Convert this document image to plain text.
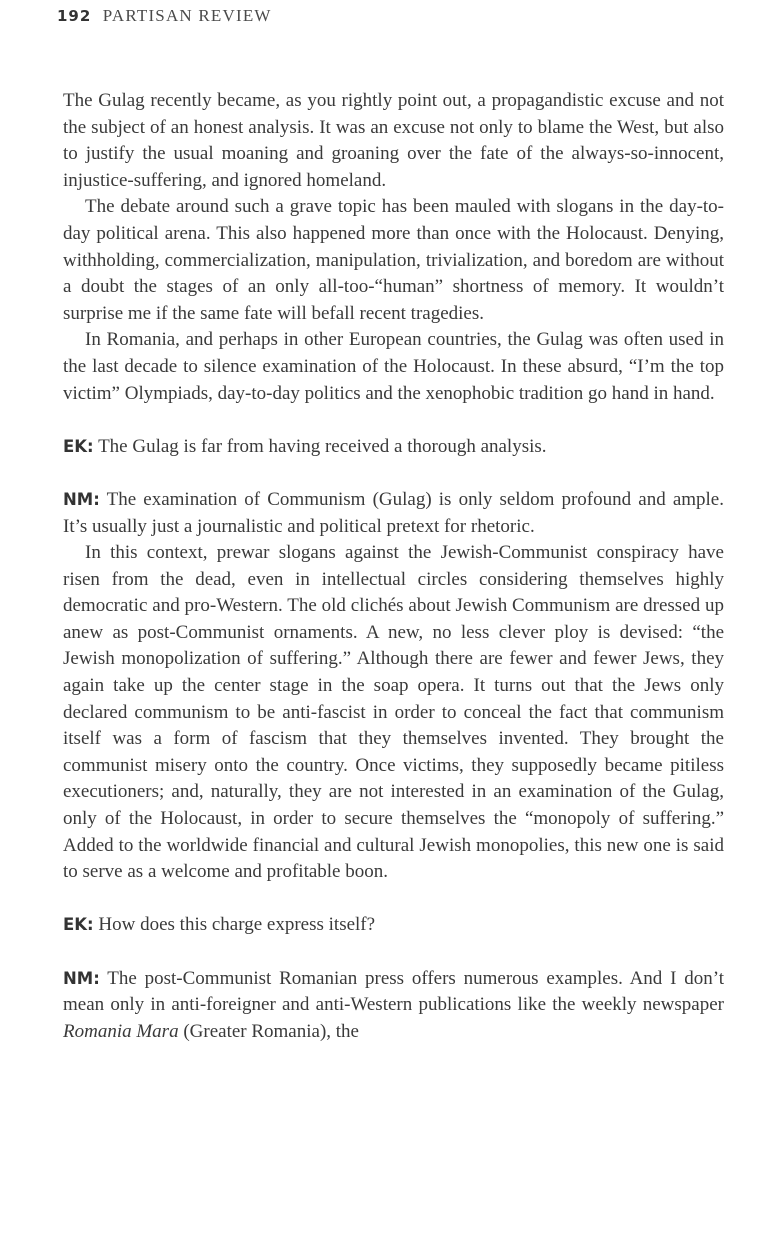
192 PARTISAN REVIEW

The Gulag recently became, as you rightly point out, a propagandistic excuse and not the subject of an honest analysis. It was an excuse not only to blame the West, but also to justify the usual moaning and groaning over the fate of the always-so-innocent, injustice-suffering, and ignored homeland.

The debate around such a grave topic has been mauled with slogans in the day-to-day political arena. This also happened more than once with the Holocaust. Denying, withholding, commercialization, manipulation, trivialization, and boredom are without a doubt the stages of an only all-too-“human” shortness of memory. It wouldn’t surprise me if the same fate will befall recent tragedies.

In Romania, and perhaps in other European countries, the Gulag was often used in the last decade to silence examination of the Holocaust. In these absurd, “I’m the top victim” Olympiads, day-to-day politics and the xenophobic tradition go hand in hand.

EK: The Gulag is far from having received a thorough analysis.

NM: The examination of Communism (Gulag) is only seldom profound and ample. It’s usually just a journalistic and political pretext for rhetoric.

In this context, prewar slogans against the Jewish-Communist conspiracy have risen from the dead, even in intellectual circles considering themselves highly democratic and pro-Western. The old clichés about Jewish Communism are dressed up anew as post-Communist ornaments. A new, no less clever ploy is devised: “the Jewish monopolization of suffering.” Although there are fewer and fewer Jews, they again take up the center stage in the soap opera. It turns out that the Jews only declared communism to be anti-fascist in order to conceal the fact that communism itself was a form of fascism that they themselves invented. They brought the communist misery onto the country. Once victims, they supposedly became pitiless executioners; and, naturally, they are not interested in an examination of the Gulag, only of the Holocaust, in order to secure themselves the “monopoly of suffering.” Added to the worldwide financial and cultural Jewish monopolies, this new one is said to serve as a welcome and profitable boon.

EK: How does this charge express itself?

NM: The post-Communist Romanian press offers numerous examples. And I don’t mean only in anti-foreigner and anti-Western publications like the weekly newspaper Romania Mara (Greater Romania), the
